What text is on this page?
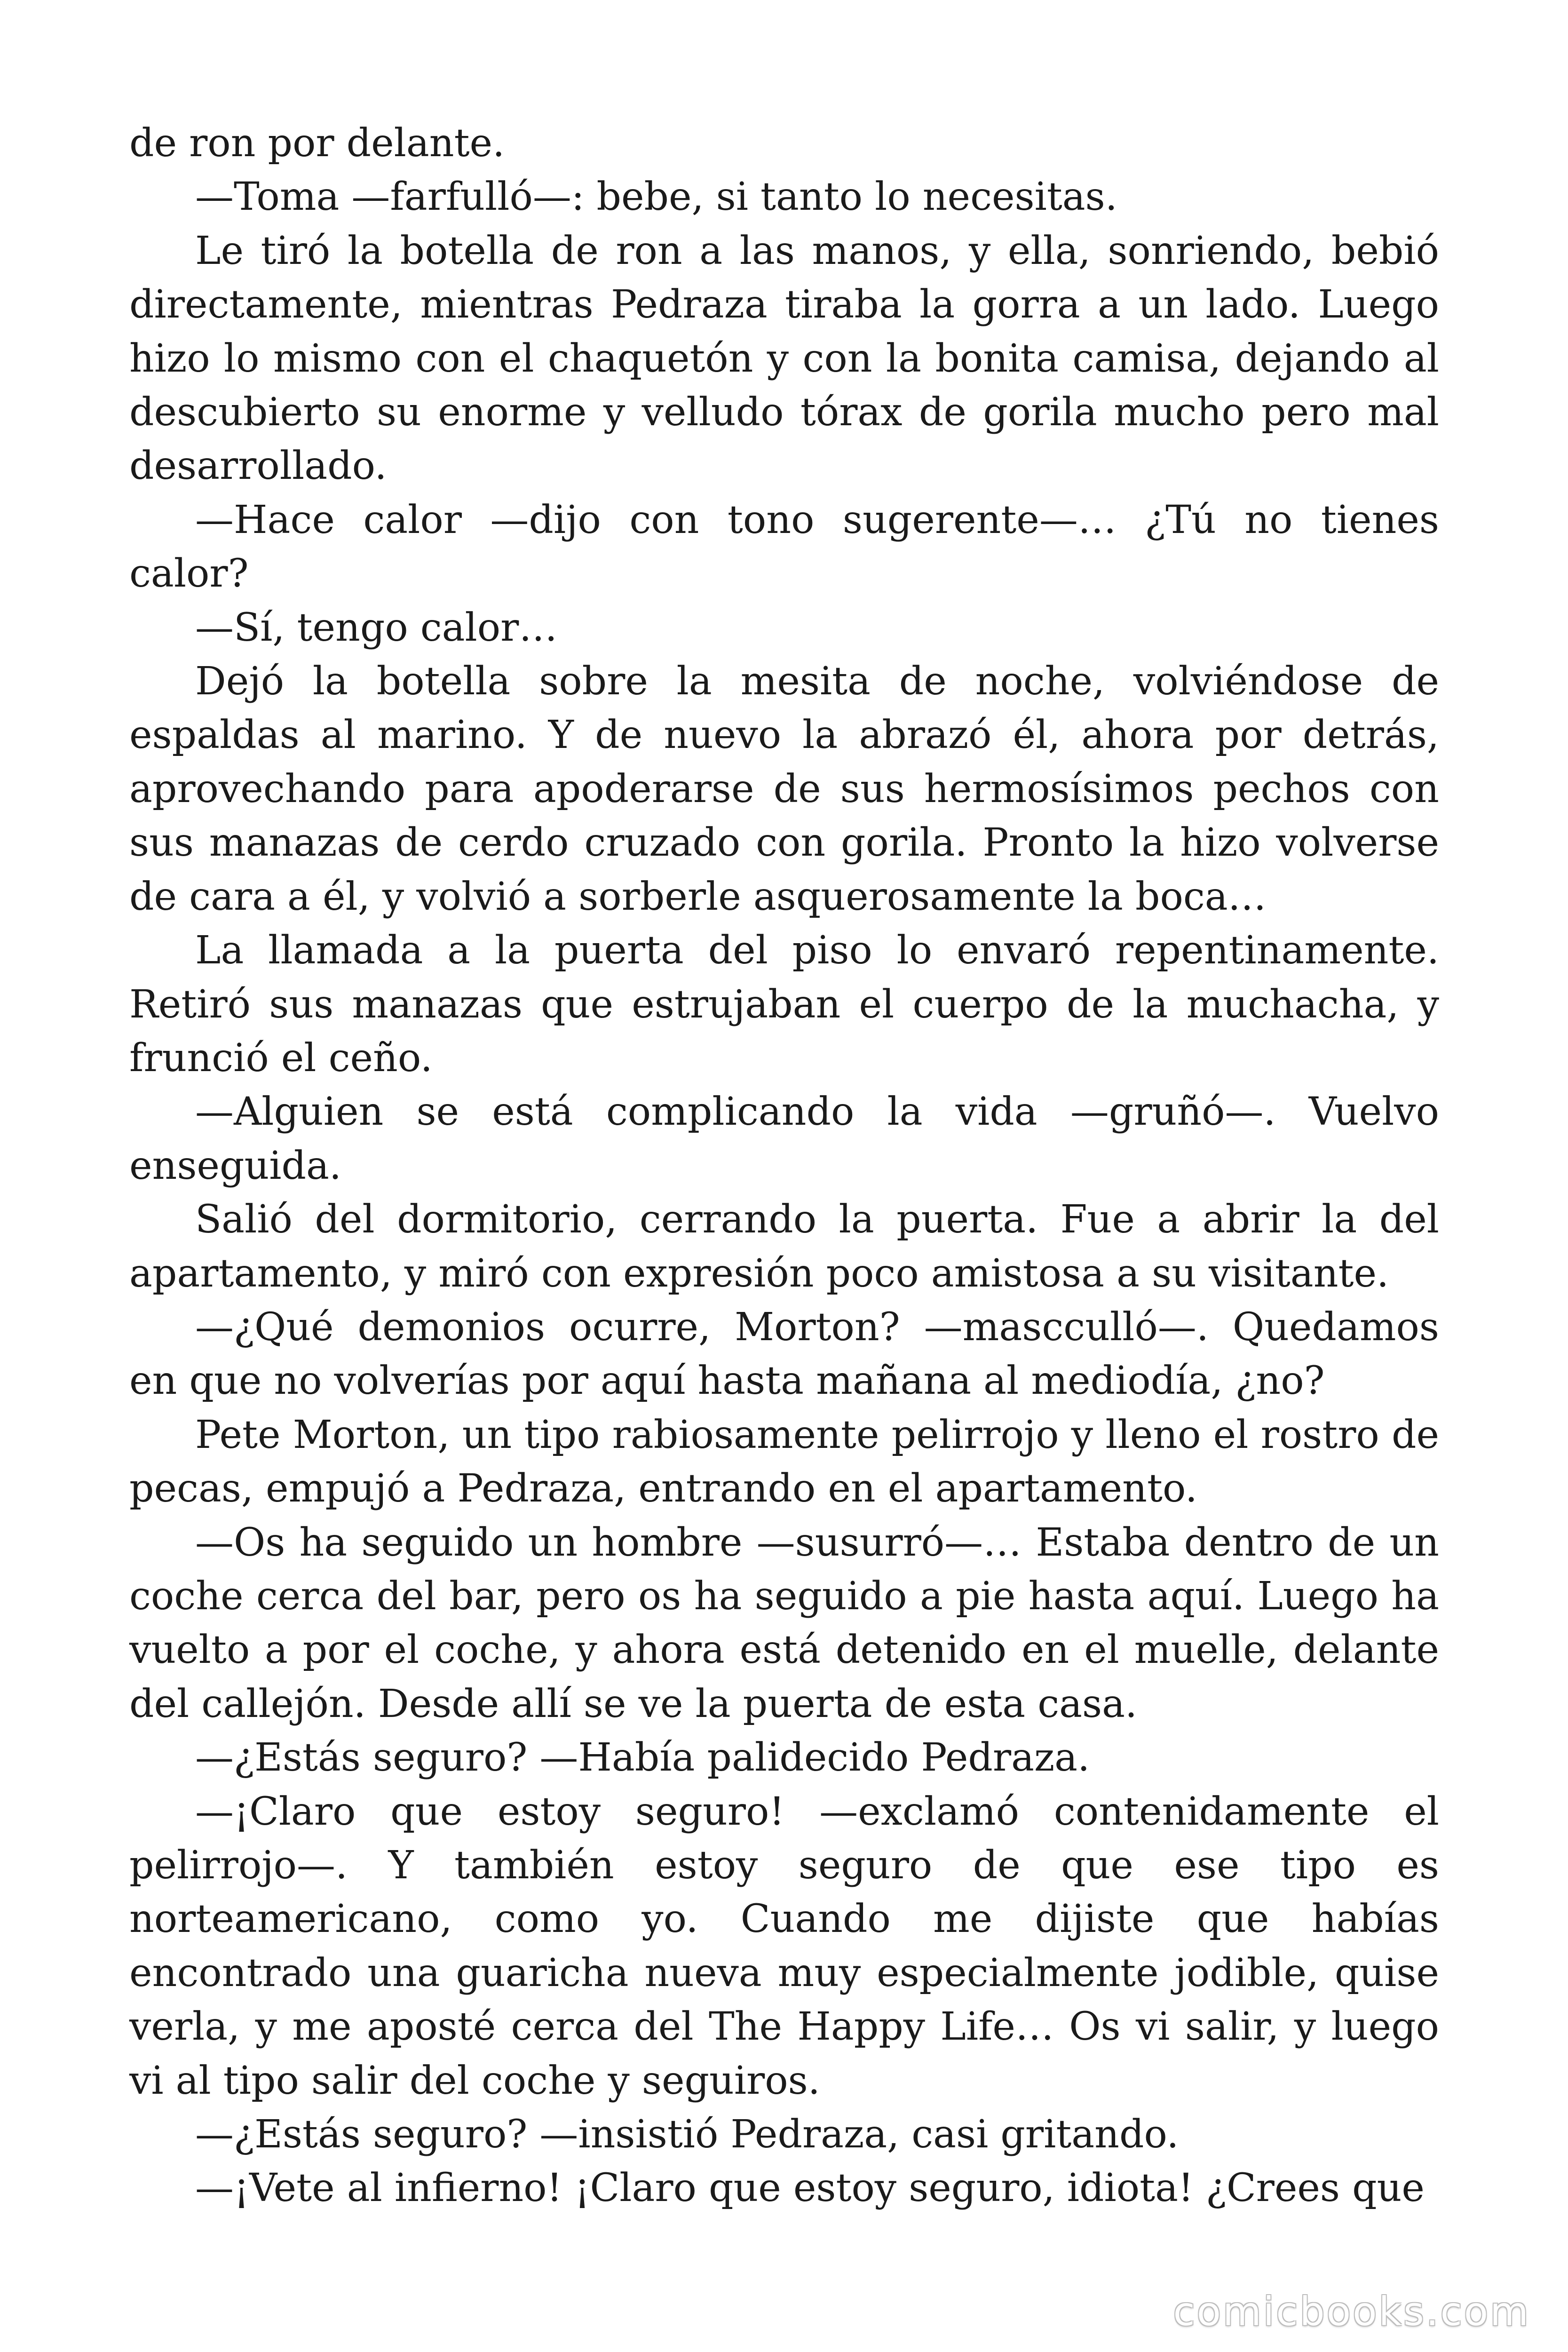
de ron por delante.

—Toma —farfulló—: bebe, si tanto lo necesitas.

Le tiró la botella de ron a las manos, y ella, sonriendo, bebió directamente, mientras Pedraza tiraba la gorra a un lado. Luego hizo lo mismo con el chaquetón y con la bonita camisa, dejando al descubierto su enorme y velludo tórax de gorila mucho pero mal desarrollado.

—Hace calor —dijo con tono sugerente—… ¿Tú no tienes calor?

—Sí, tengo calor…

Dejó la botella sobre la mesita de noche, volviéndose de espaldas al marino. Y de nuevo la abrazó él, ahora por detrás, aprovechando para apoderarse de sus hermosísimos pechos con sus manazas de cerdo cruzado con gorila. Pronto la hizo volverse de cara a él, y volvió a sorberle asquerosamente la boca…

La llamada a la puerta del piso lo envaró repentinamente. Retiró sus manazas que estrujaban el cuerpo de la muchacha, y frunció el ceño.

—Alguien se está complicando la vida —gruñó—. Vuelvo enseguida.

Salió del dormitorio, cerrando la puerta. Fue a abrir la del apartamento, y miró con expresión poco amistosa a su visitante.

—¿Qué demonios ocurre, Morton? —mascculló—. Quedamos en que no volverías por aquí hasta mañana al mediodía, ¿no?

Pete Morton, un tipo rabiosamente pelirrojo y lleno el rostro de pecas, empujó a Pedraza, entrando en el apartamento.

—Os ha seguido un hombre —susurró—… Estaba dentro de un coche cerca del bar, pero os ha seguido a pie hasta aquí. Luego ha vuelto a por el coche, y ahora está detenido en el muelle, delante del callejón. Desde allí se ve la puerta de esta casa.

—¿Estás seguro? —Había palidecido Pedraza.

—¡Claro que estoy seguro! —exclamó contenidamente el pelirrojo—. Y también estoy seguro de que ese tipo es norteamericano, como yo. Cuando me dijiste que habías encontrado una guaricha nueva muy especialmente jodible, quise verla, y me aposté cerca del The Happy Life… Os vi salir, y luego vi al tipo salir del coche y seguiros.

—¿Estás seguro? —insistió Pedraza, casi gritando.

—¡Vete al infierno! ¡Claro que estoy seguro, idiota! ¿Crees que

comicbooks.com
